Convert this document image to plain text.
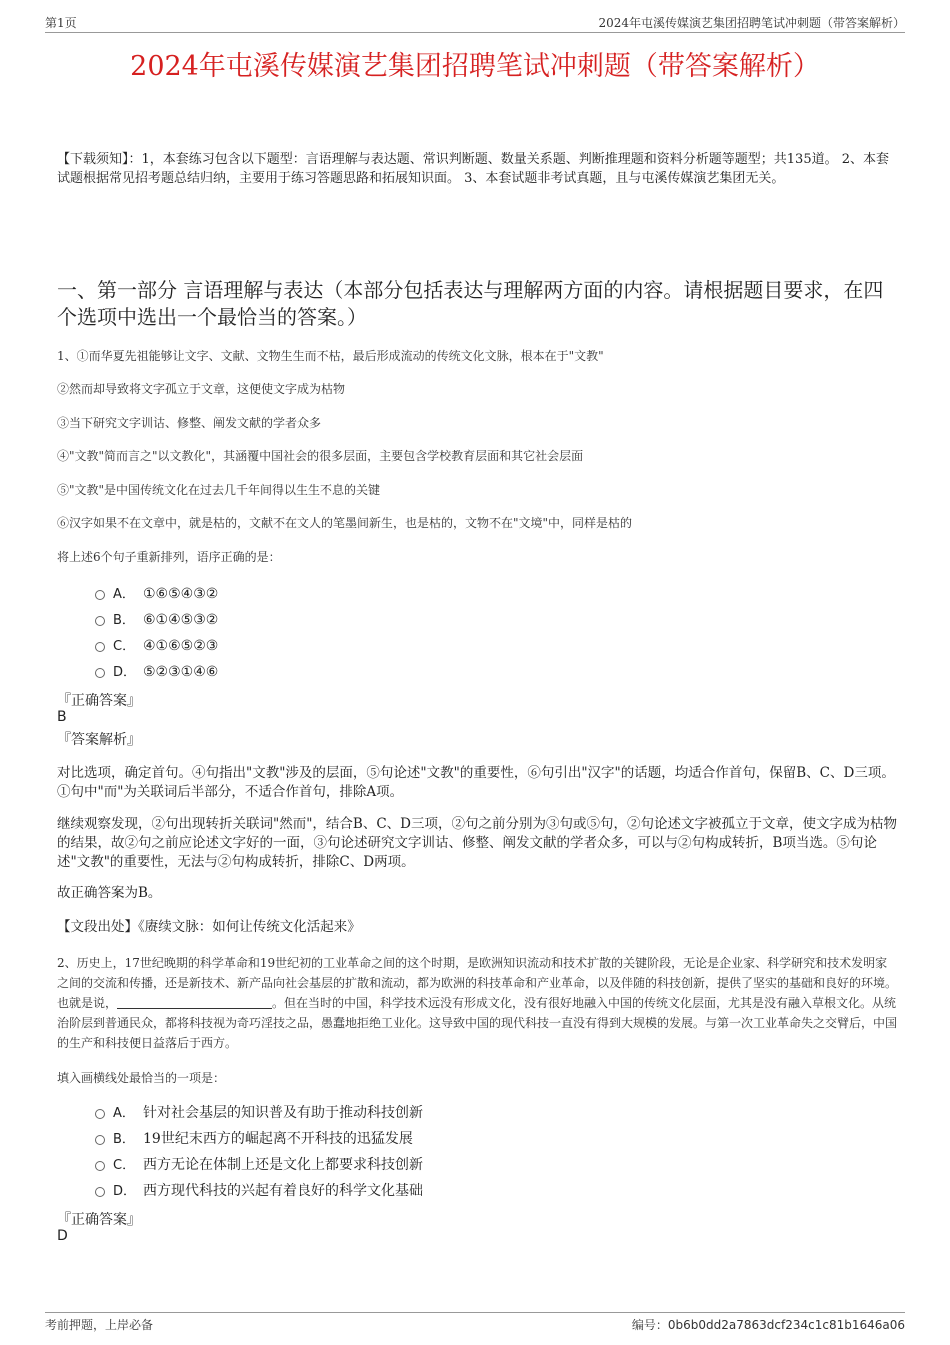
第1页	2024年屯溪传媒演艺集团招聘笔试冲刺题（带答案解析）
2024年屯溪传媒演艺集团招聘笔试冲刺题（带答案解析）
【下载须知】：1，本套练习包含以下题型：言语理解与表达题、常识判断题、数量关系题、判断推理题和资料分析题等题型；共135道。 2、本套试题根据常见招考题总结归纳，主要用于练习答题思路和拓展知识面。 3、本套试题非考试真题，且与屯溪传媒演艺集团无关。
一、第一部分 言语理解与表达（本部分包括表达与理解两方面的内容。请根据题目要求，在四个选项中选出一个最恰当的答案。）
1、①而华夏先祖能够让文字、文献、文物生生而不枯，最后形成流动的传统文化文脉，根本在于"文教"
②然而却导致将文字孤立于文章，这便使文字成为枯物
③当下研究文字训诂、修整、阐发文献的学者众多
④"文教"简而言之"以文教化"，其涵覆中国社会的很多层面，主要包含学校教育层面和其它社会层面
⑤"文教"是中国传统文化在过去几千年间得以生生不息的关键
⑥汉字如果不在文章中，就是枯的，文献不在文人的笔墨间新生，也是枯的，文物不在"文境"中，同样是枯的
将上述6个句子重新排列，语序正确的是：
A． ①⑥⑤④③②
B． ⑥①④⑤③②
C． ④①⑥⑤②③
D． ⑤②③①④⑥
『正确答案』
B
『答案解析』
对比选项，确定首句。④句指出"文教"涉及的层面，⑤句论述"文教"的重要性，⑥句引出"汉字"的话题，均适合作首句，保留B、C、D三项。①句中"而"为关联词后半部分，不适合作首句，排除A项。
继续观察发现，②句出现转折关联词"然而"，结合B、C、D三项，②句之前分别为③句或⑤句，②句论述文字被孤立于文章，使文字成为枯物的结果，故②句之前应论述文字好的一面，③句论述研究文字训诂、修整、阐发文献的学者众多，可以与②句构成转折，B项当选。⑤句论述"文教"的重要性，无法与②句构成转折，排除C、D两项。
故正确答案为B。
【文段出处】《赓续文脉：如何让传统文化活起来》
2、历史上，17世纪晚期的科学革命和19世纪初的工业革命之间的这个时期，是欧洲知识流动和技术扩散的关键阶段，无论是企业家、科学研究和技术发明家之间的交流和传播，还是新技术、新产品向社会基层的扩散和流动，都为欧洲的科技革命和产业革命，以及伴随的科技创新，提供了坚实的基础和良好的环境。也就是说，	。但在当时的中国，科学技术远没有形成文化，没有很好地融入中国的传统文化层面，尤其是没有融入草根文化。从统治阶层到普通民众，都将科技视为奇巧淫技之品，愚蠢地拒绝工业化。这导致中国的现代科技一直没有得到大规模的发展。与第一次工业革命失之交臂后，中国的生产和科技便日益落后于西方。
填入画横线处最恰当的一项是：
A． 针对社会基层的知识普及有助于推动科技创新
B． 19世纪末西方的崛起离不开科技的迅猛发展
C． 西方无论在体制上还是文化上都要求科技创新
D． 西方现代科技的兴起有着良好的科学文化基础
『正确答案』
D
考前押题，上岸必备	编号：0b6b0dd2a7863dcf234c1c81b1646a06
